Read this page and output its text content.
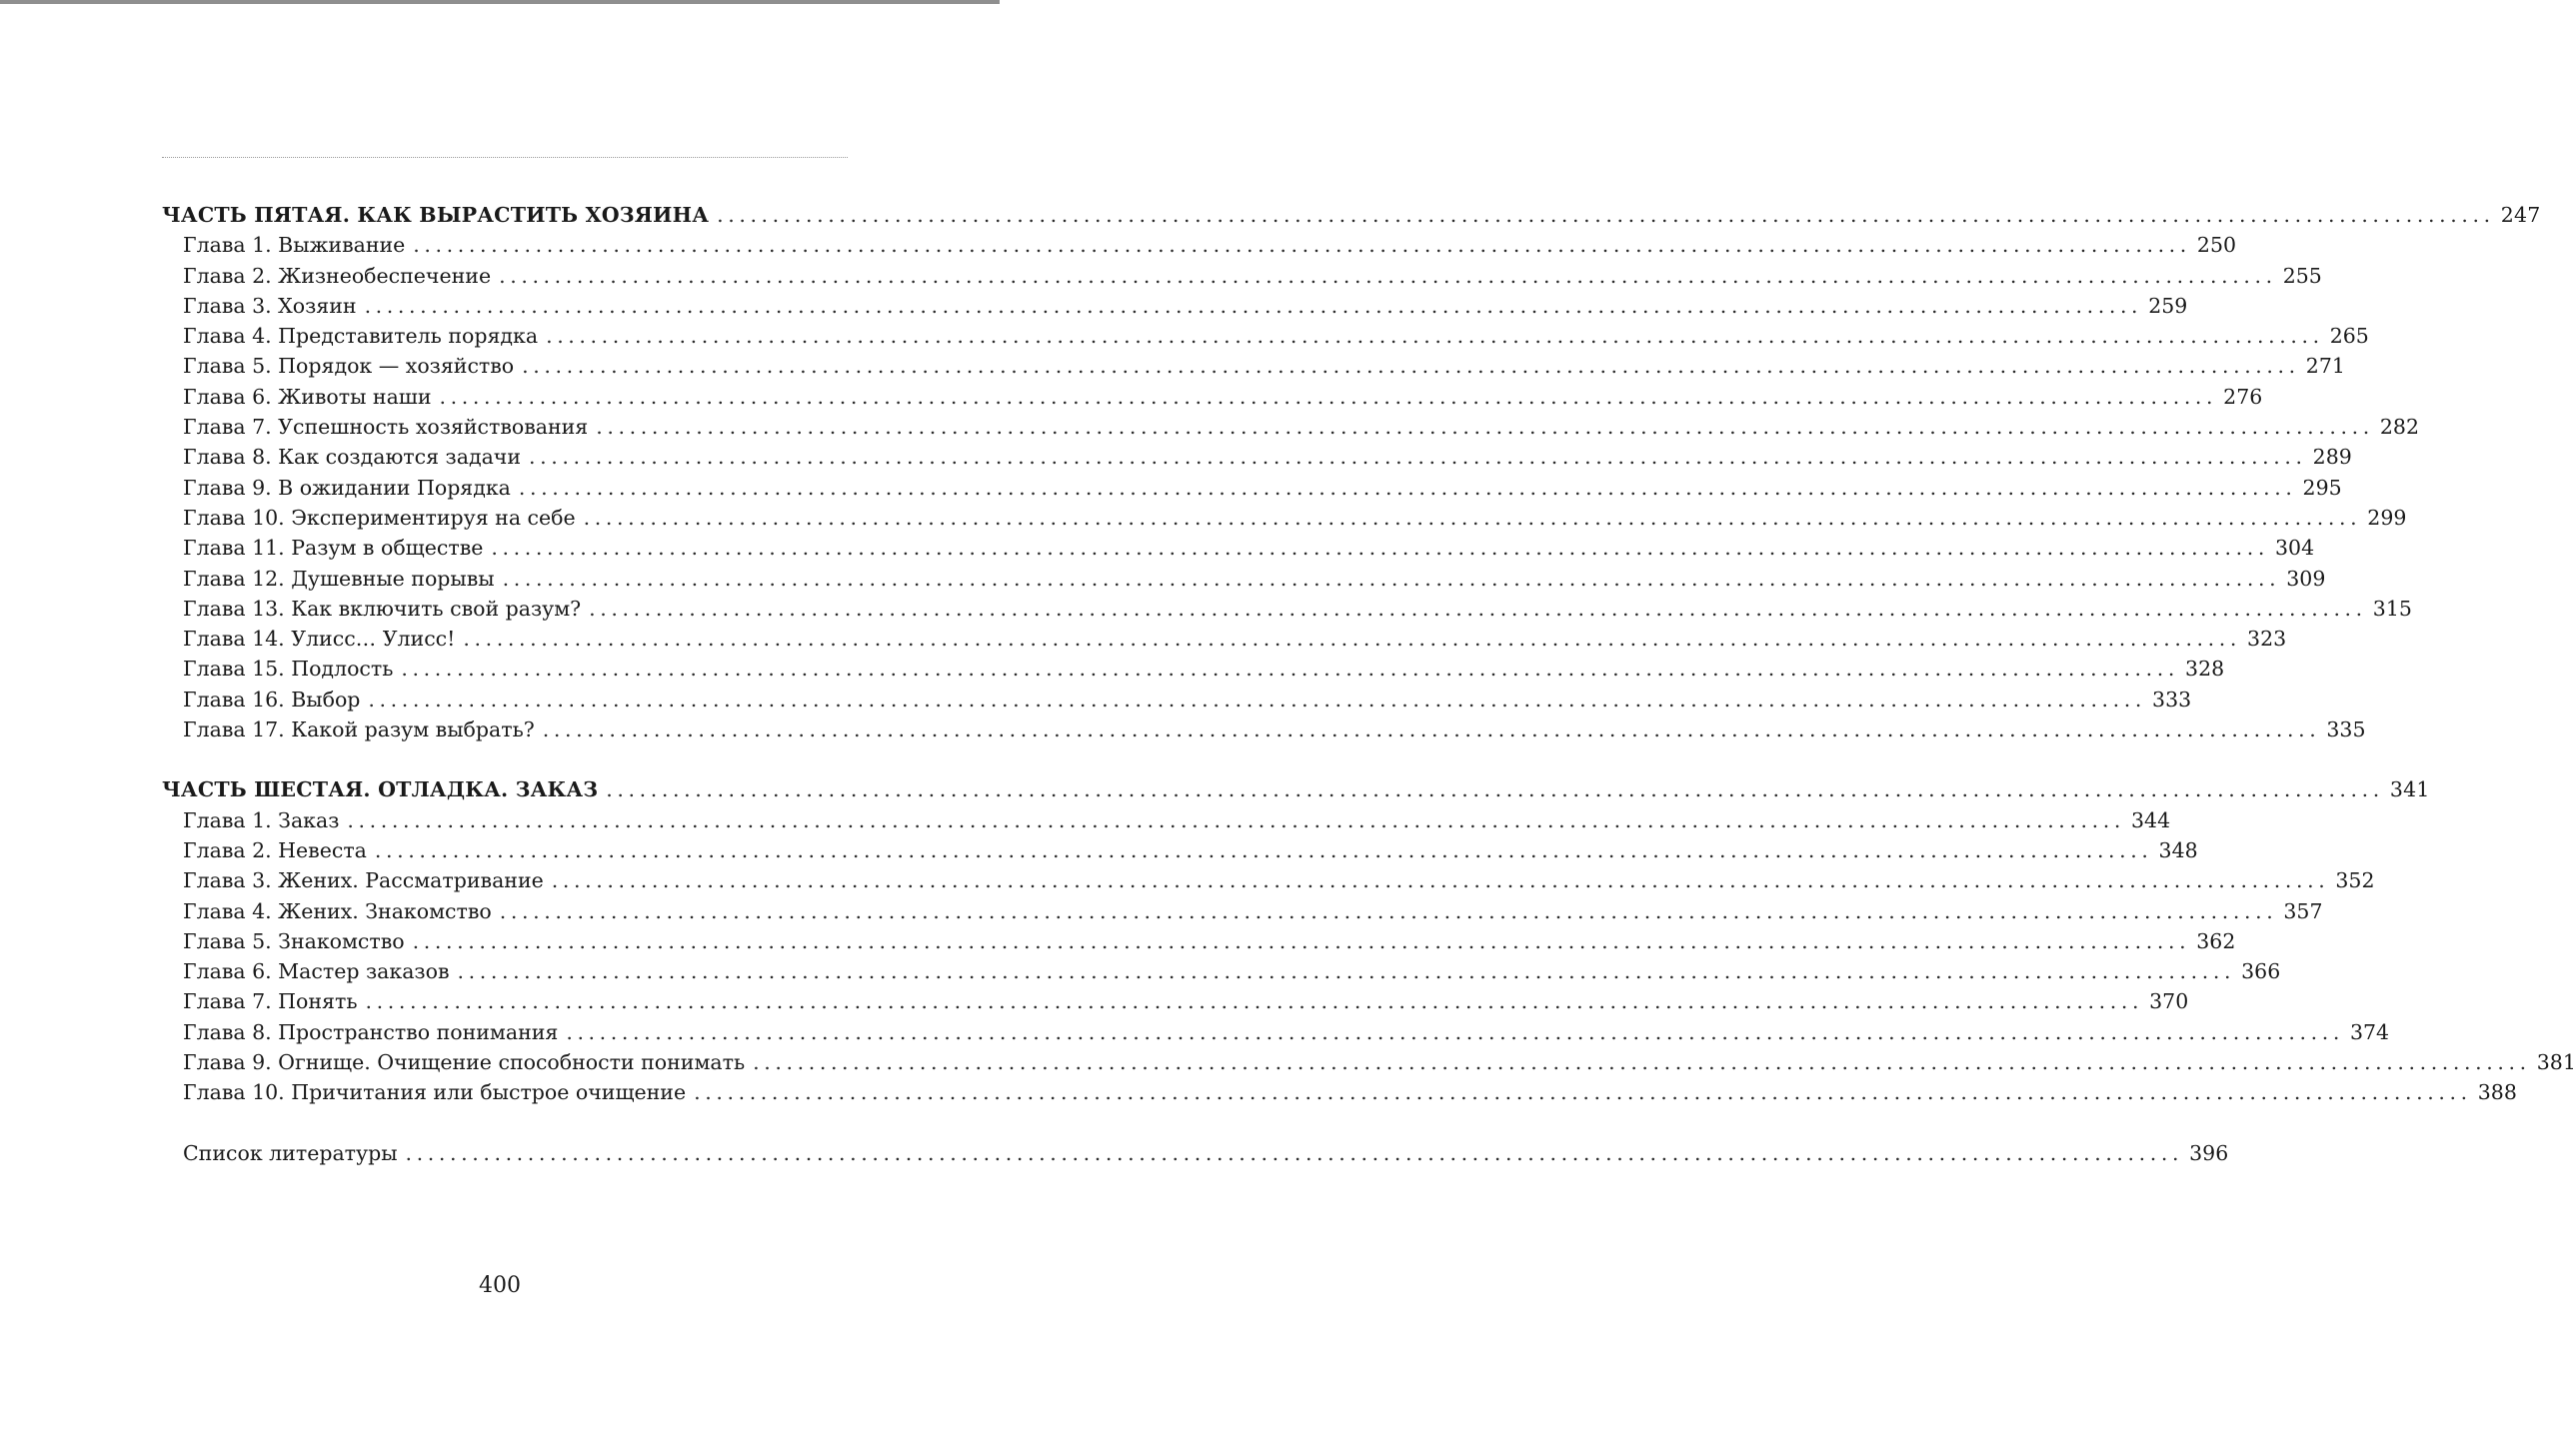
ЧАСТЬ ПЯТАЯ. КАК ВЫРАСТИТЬ ХОЗЯИНА ................................................................................................................................................................ 247
Глава 1. Выживание ................................................................................................................................................................ 250
Глава 2. Жизнеобеспечение ................................................................................................................................................................ 255
Глава 3. Хозяин ................................................................................................................................................................ 259
Глава 4. Представитель порядка ................................................................................................................................................................ 265
Глава 5. Порядок — хозяйство ................................................................................................................................................................ 271
Глава 6. Животы наши ................................................................................................................................................................ 276
Глава 7. Успешность хозяйствования ................................................................................................................................................................ 282
Глава 8. Как создаются задачи ................................................................................................................................................................ 289
Глава 9. В ожидании Порядка ................................................................................................................................................................ 295
Глава 10. Экспериментируя на себе ................................................................................................................................................................ 299
Глава 11. Разум в обществе ................................................................................................................................................................ 304
Глава 12. Душевные порывы ................................................................................................................................................................ 309
Глава 13. Как включить свой разум? ................................................................................................................................................................ 315
Глава 14. Улисс… Улисс! ................................................................................................................................................................ 323
Глава 15. Подлость ................................................................................................................................................................ 328
Глава 16. Выбор ................................................................................................................................................................ 333
Глава 17. Какой разум выбрать? ................................................................................................................................................................ 335
ЧАСТЬ ШЕСТАЯ. ОТЛАДКА. ЗАКАЗ ................................................................................................................................................................ 341
Глава 1. Заказ ................................................................................................................................................................ 344
Глава 2. Невеста ................................................................................................................................................................ 348
Глава 3. Жених. Рассматривание ................................................................................................................................................................ 352
Глава 4. Жених. Знакомство ................................................................................................................................................................ 357
Глава 5. Знакомство ................................................................................................................................................................ 362
Глава 6. Мастер заказов ................................................................................................................................................................ 366
Глава 7. Понять ................................................................................................................................................................ 370
Глава 8. Пространство понимания ................................................................................................................................................................ 374
Глава 9. Огнище. Очищение способности понимать ................................................................................................................................................................ 381
Глава 10. Причитания или быстрое очищение ................................................................................................................................................................ 388
Список литературы ................................................................................................................................................................ 396
400
